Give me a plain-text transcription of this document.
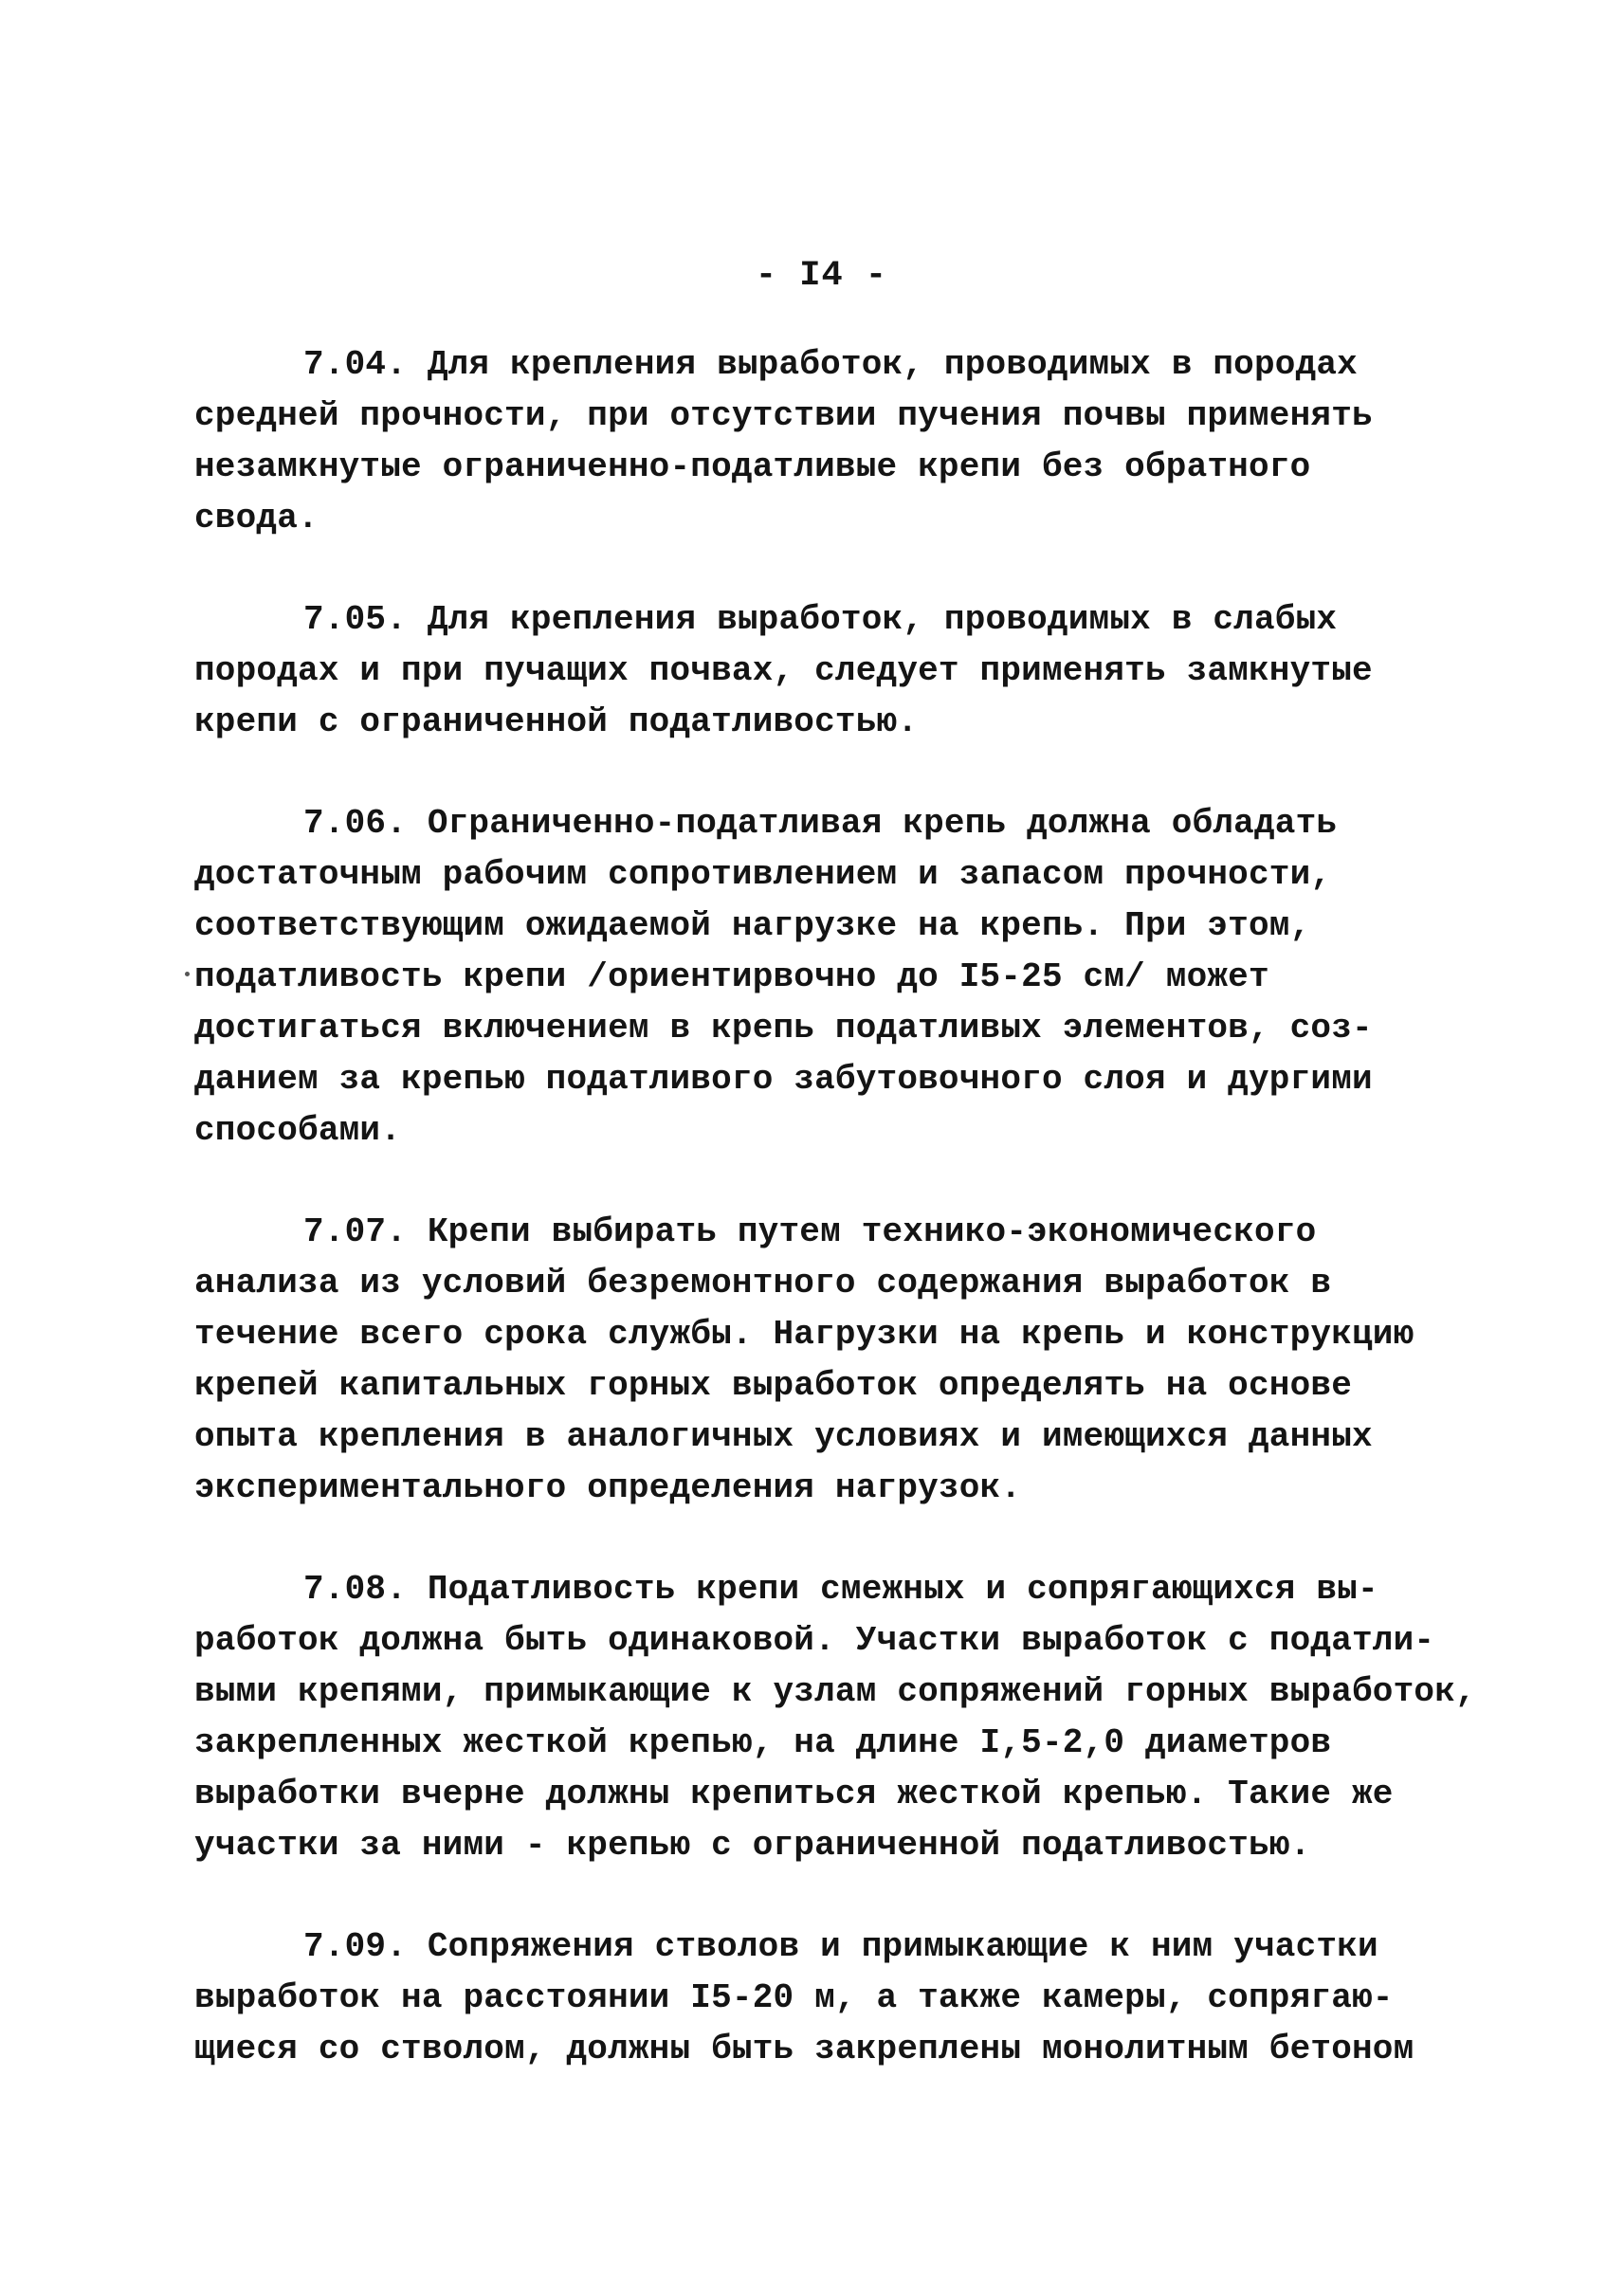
- I4 -
7.04. Для крепления выработок, проводимых в породах
средней прочности, при отсутствии пучения почвы применять
незамкнутые ограниченно-податливые крепи без обратного
свода.
7.05. Для крепления выработок, проводимых в слабых
породах и при пучащих почвах, следует применять замкнутые
крепи с ограниченной податливостью.
7.06. Ограниченно-податливая крепь должна обладать
достаточным рабочим сопротивлением и запасом прочности,
соответствующим ожидаемой нагрузке на крепь. При этом,
податливость крепи /ориентирвочно до I5-25 см/ может
достигаться включением в крепь податливых элементов, соз-
данием за крепью податливого забутовочного слоя и дургими
способами.
7.07. Крепи выбирать путем технико-экономического
анализа из условий безремонтного содержания выработок в
течение всего срока службы. Нагрузки на крепь и конструкцию
крепей капитальных горных выработок определять на основе
опыта крепления в аналогичных условиях и имеющихся данных
экспериментального определения нагрузок.
7.08. Податливость крепи смежных и сопрягающихся вы-
работок должна быть одинаковой. Участки выработок с податли-
выми крепями, примыкающие к узлам сопряжений горных выработок,
закрепленных жесткой крепью, на длине I,5-2,0 диаметров
выработки вчерне должны крепиться жесткой крепью. Такие же
участки за ними - крепью с ограниченной податливостью.
7.09. Сопряжения стволов и примыкающие к ним участки
выработок на расстоянии I5-20 м, а также камеры, сопрягаю-
щиеся со стволом, должны быть закреплены монолитным бетоном
